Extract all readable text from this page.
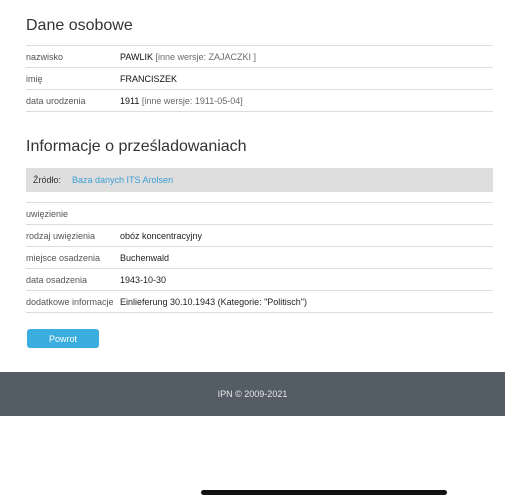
Dane osobowe
nazwisko	PAWLIK [inne wersje: ZAJACZKI ]
imię	FRANCISZEK
data urodzenia	1911 [inne wersje: 1911-05-04]
Informacje o prześladowaniach
Źródło: Baza danych ITS Arolsen
uwięzienie	
rodzaj uwięzienia	obóz koncentracyjny
miejsce osadzenia	Buchenwald
data osadzenia	1943-10-30
dodatkowe informacje	Einlieferung 30.10.1943 (Kategorie: "Politisch")
Powrot
IPN © 2009-2021
